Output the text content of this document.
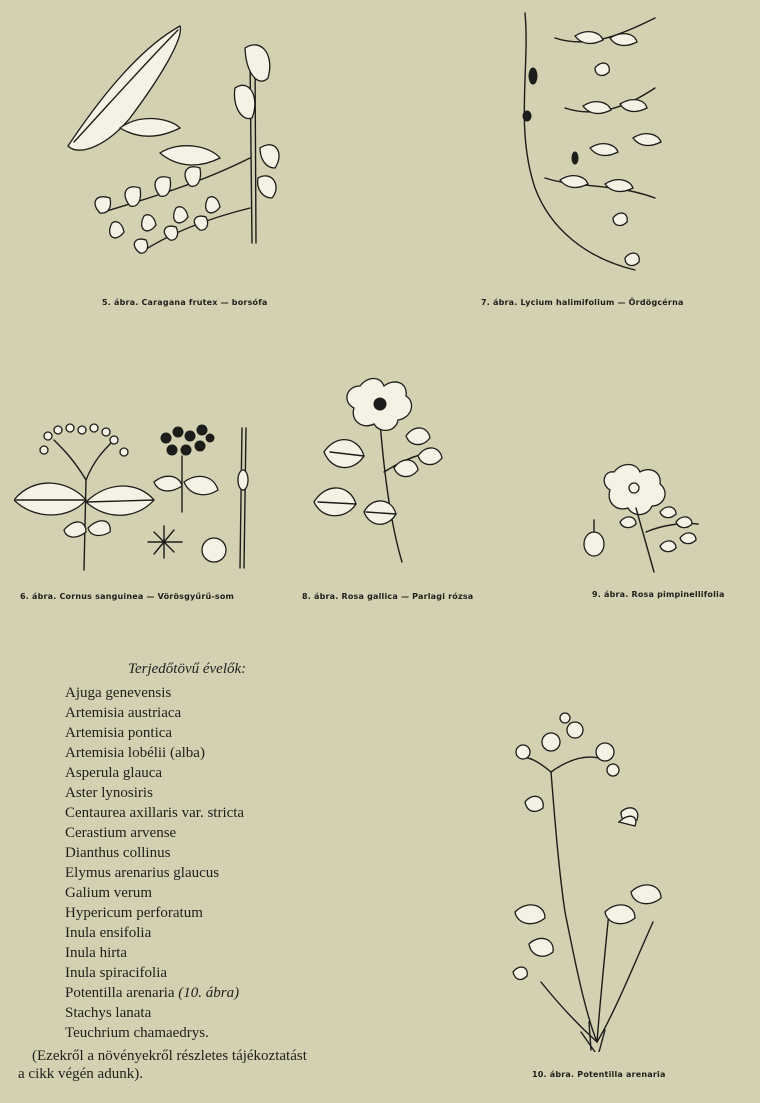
5. ábra. Caragana frutex — borsófa	7. ábra. Lycium halimifolium — Ördögcérna
6. ábra. Cornus sanguinea — Vörösgyűrű-som	8. ábra. Rosa gallica — Parlagi rózsa	9. ábra. Rosa pimpinellifolia
Terjedőtövű évelők:
Ajuga genevensis
Artemisia austriaca
Artemisia pontica
Artemisia lobélii (alba)
Asperula glauca
Aster lynosiris
Centaurea axillaris var. stricta
Cerastium arvense
Dianthus collinus
Elymus arenarius glaucus
Galium verum
Hypericum perforatum
Inula ensifolia
Inula hirta
Inula spiracifolia
Potentilla arenaria (10. ábra)
Stachys lanata
Teuchrium chamaedrys.

(Ezekről a növényekről részletes tájékoztatást

a cikk végén adunk).	10. ábra. Potentilla arenaria
